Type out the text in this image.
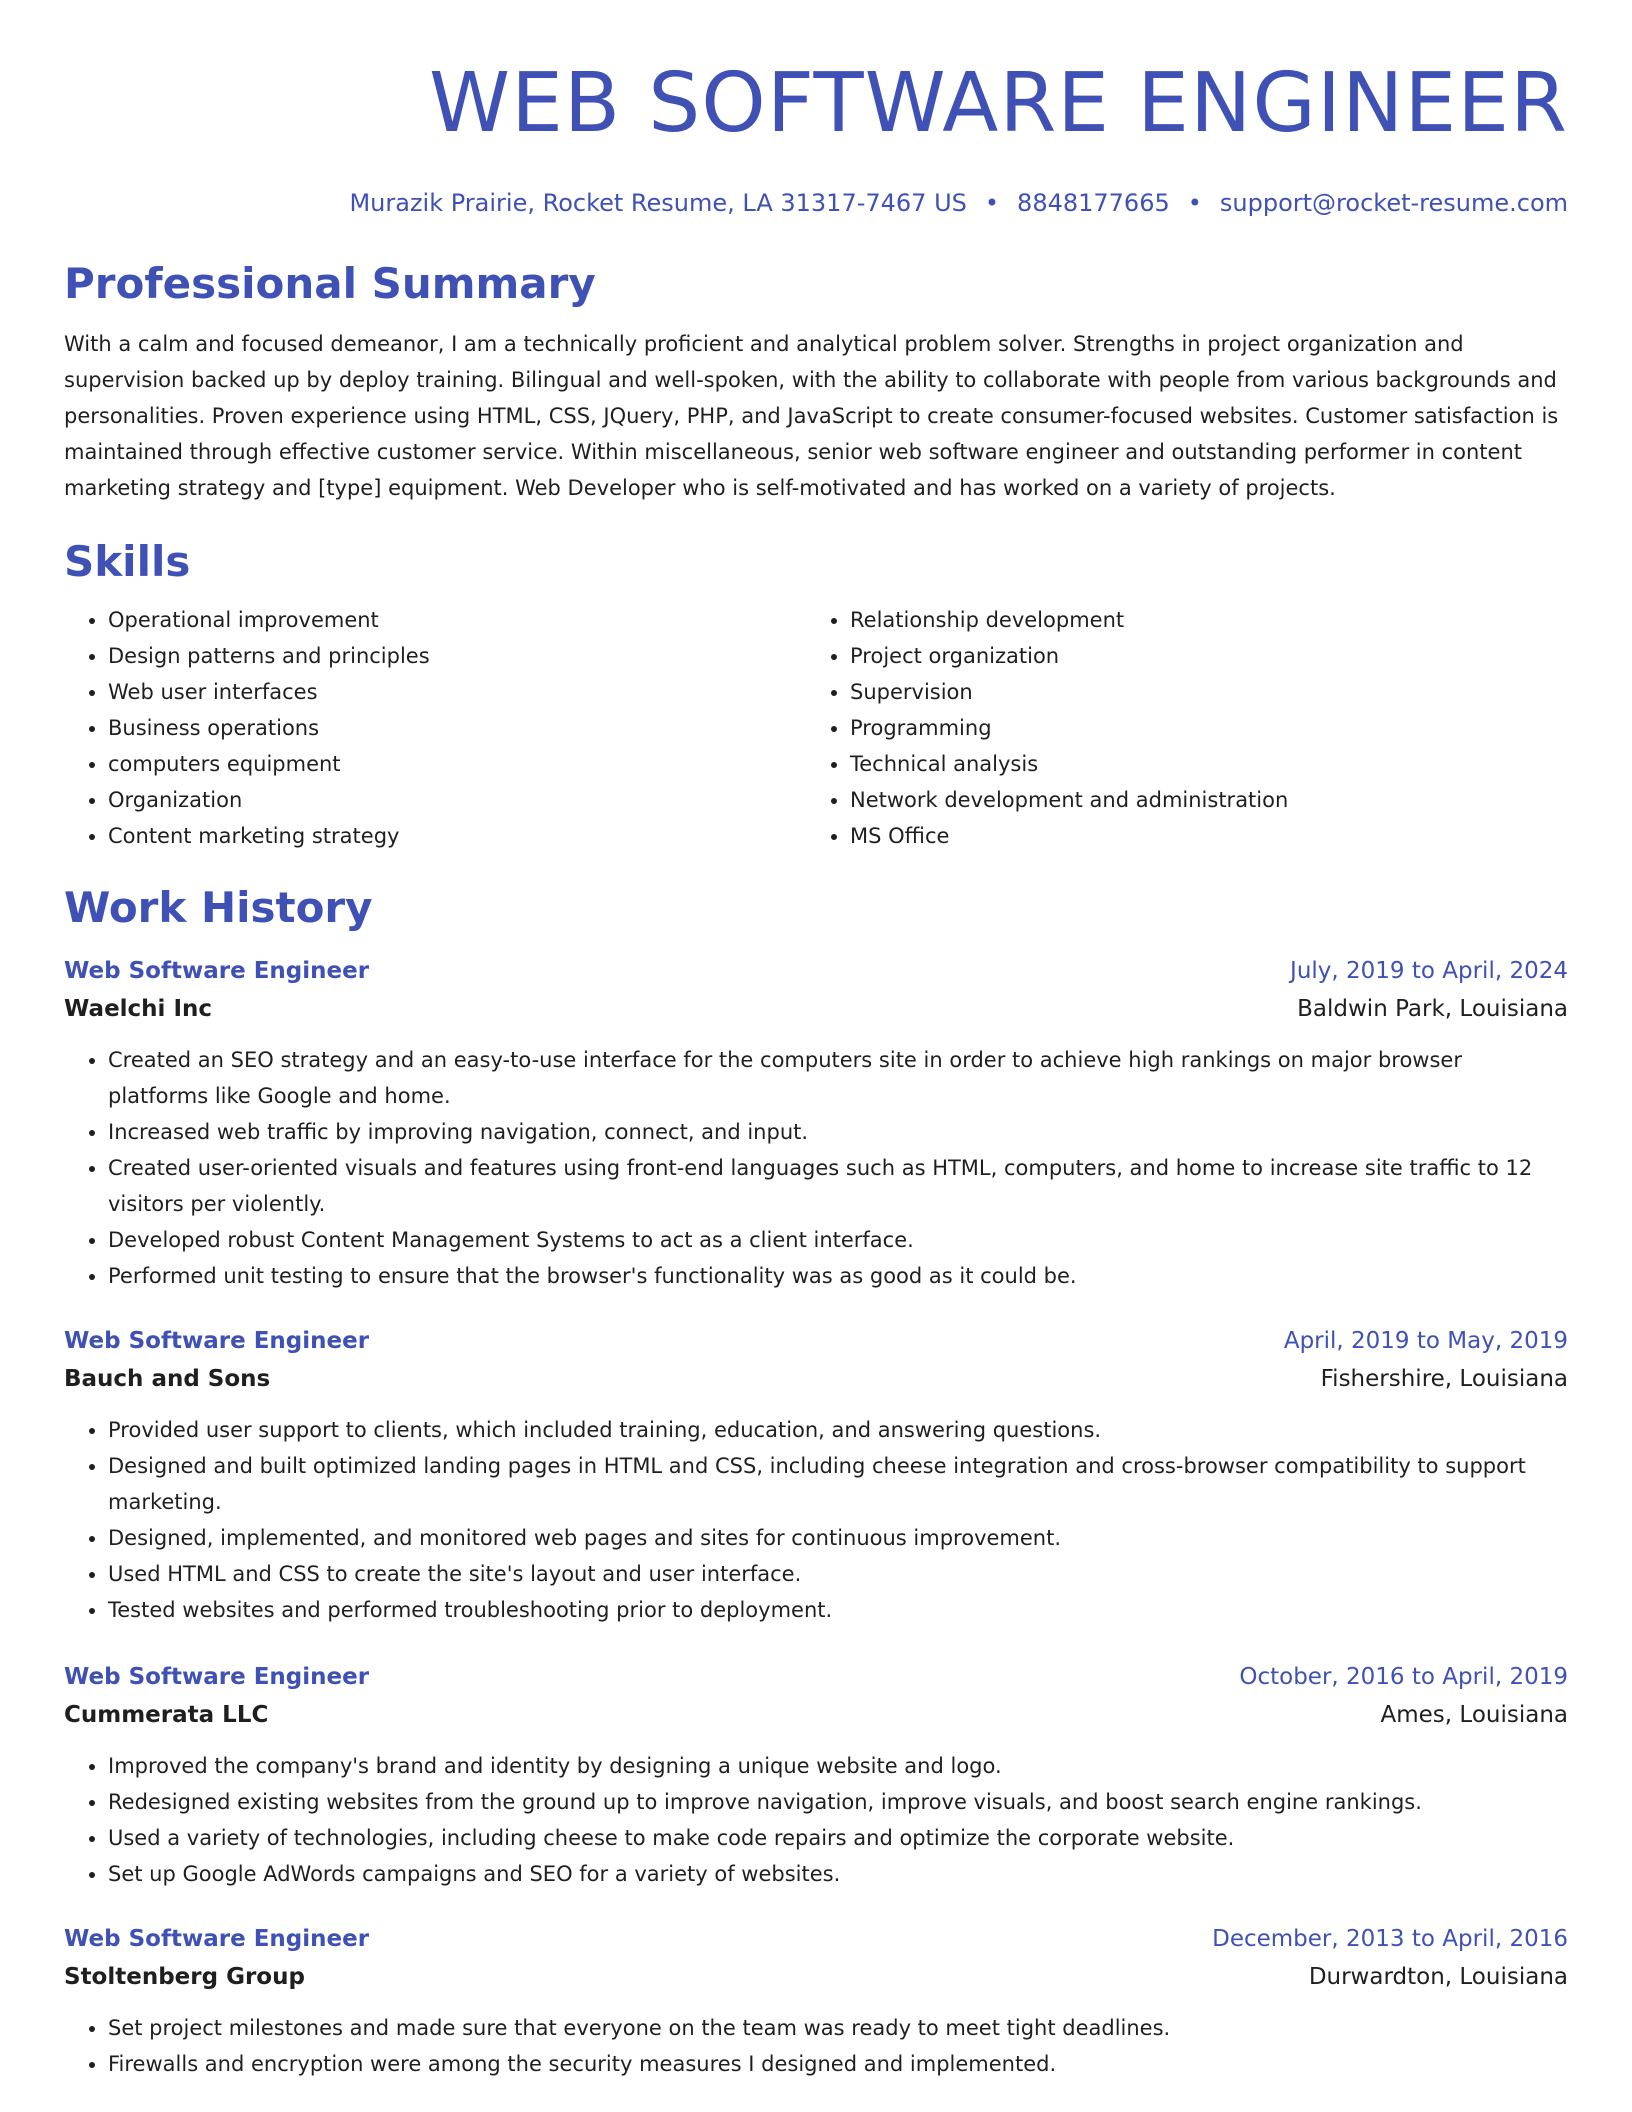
WEB SOFTWARE ENGINEER
Murazik Prairie, Rocket Resume, LA 31317-7467 US • 8848177665 • support@rocket-resume.com
Professional Summary
With a calm and focused demeanor, I am a technically proficient and analytical problem solver. Strengths in project organization and supervision backed up by deploy training. Bilingual and well-spoken, with the ability to collaborate with people from various backgrounds and personalities. Proven experience using HTML, CSS, JQuery, PHP, and JavaScript to create consumer-focused websites. Customer satisfaction is maintained through effective customer service. Within miscellaneous, senior web software engineer and outstanding performer in content marketing strategy and [type] equipment. Web Developer who is self-motivated and has worked on a variety of projects.
Skills
• Operational improvement
• Design patterns and principles
• Web user interfaces
• Business operations
• computers equipment
• Organization
• Content marketing strategy
• Relationship development
• Project organization
• Supervision
• Programming
• Technical analysis
• Network development and administration
• MS Office
Work History
Web Software Engineer	July, 2019 to April, 2024
Waelchi Inc	Baldwin Park, Louisiana
• Created an SEO strategy and an easy-to-use interface for the computers site in order to achieve high rankings on major browser platforms like Google and home.
• Increased web traffic by improving navigation, connect, and input.
• Created user-oriented visuals and features using front-end languages such as HTML, computers, and home to increase site traffic to 12 visitors per violently.
• Developed robust Content Management Systems to act as a client interface.
• Performed unit testing to ensure that the browser's functionality was as good as it could be.
Web Software Engineer	April, 2019 to May, 2019
Bauch and Sons	Fishershire, Louisiana
• Provided user support to clients, which included training, education, and answering questions.
• Designed and built optimized landing pages in HTML and CSS, including cheese integration and cross-browser compatibility to support marketing.
• Designed, implemented, and monitored web pages and sites for continuous improvement.
• Used HTML and CSS to create the site's layout and user interface.
• Tested websites and performed troubleshooting prior to deployment.
Web Software Engineer	October, 2016 to April, 2019
Cummerata LLC	Ames, Louisiana
• Improved the company's brand and identity by designing a unique website and logo.
• Redesigned existing websites from the ground up to improve navigation, improve visuals, and boost search engine rankings.
• Used a variety of technologies, including cheese to make code repairs and optimize the corporate website.
• Set up Google AdWords campaigns and SEO for a variety of websites.
Web Software Engineer	December, 2013 to April, 2016
Stoltenberg Group	Durwardton, Louisiana
• Set project milestones and made sure that everyone on the team was ready to meet tight deadlines.
• Firewalls and encryption were among the security measures I designed and implemented.
